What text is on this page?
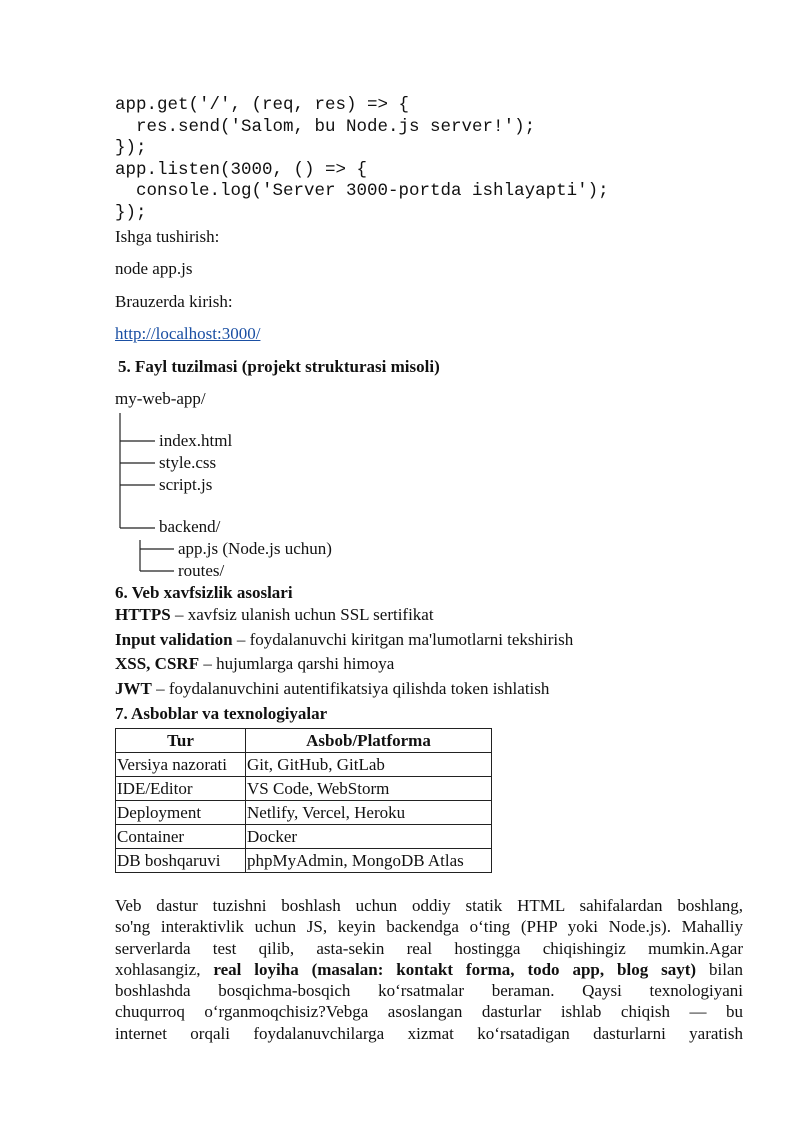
app.get('/', (req, res) => {
res.send('Salom, bu Node.js server!');
});
app.listen(3000, () => {
console.log('Server 3000-portda ishlayapti');
});
Ishga tushirish:
node app.js
Brauzerda kirish:
http://localhost:3000/
5. Fayl tuzilmasi (projekt strukturasi misoli)
my-web-app/
index.html
style.css
script.js
backend/
app.js (Node.js uchun)
routes/
6. Veb xavfsizlik asoslari
HTTPS – xavfsiz ulanish uchun SSL sertifikat
Input validation – foydalanuvchi kiritgan ma'lumotlarni tekshirish
XSS, CSRF – hujumlarga qarshi himoya
JWT – foydalanuvchini autentifikatsiya qilishda token ishlatish
7. Asboblar va texnologiyalar
Tur	Asbob/Platforma
Versiya nazorati	Git, GitHub, GitLab
IDE/Editor	VS Code, WebStorm
Deployment	Netlify, Vercel, Heroku
Container	Docker
DB boshqaruvi	phpMyAdmin, MongoDB Atlas
Veb dastur tuzishni boshlash uchun oddiy statik HTML sahifalardan boshlang,
so'ng interaktivlik uchun JS, keyin backendga oʻting (PHP yoki Node.js). Mahalliy
serverlarda test qilib, asta-sekin real hostingga chiqishingiz mumkin.Agar
xohlasangiz, real loyiha (masalan: kontakt forma, todo app, blog sayt) bilan
boshlashda bosqichma-bosqich koʻrsatmalar beraman. Qaysi texnologiyani
chuqurroq oʻrganmoqchisiz?Vebga asoslangan dasturlar ishlab chiqish — bu
internet orqali foydalanuvchilarga xizmat koʻrsatadigan dasturlarni yaratish
